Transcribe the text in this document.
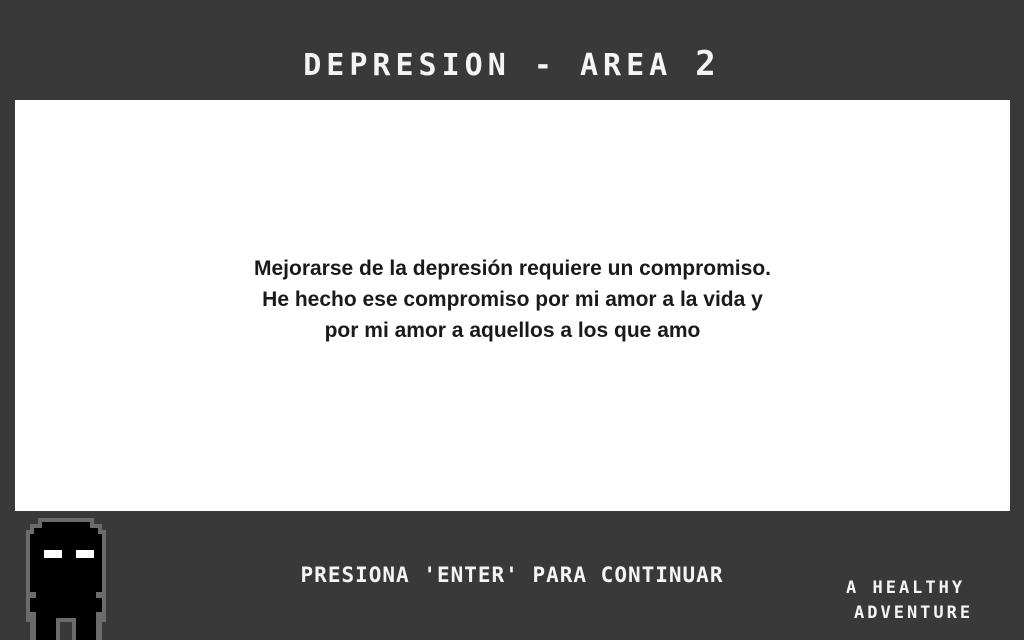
DEPRESION - AREA 2
Mejorarse de la depresión requiere un compromiso.
He hecho ese compromiso por mi amor a la vida y
por mi amor a aquellos a los que amo
PRESIONA 'ENTER' PARA CONTINUAR
A HEALTHY
ADVENTURE
